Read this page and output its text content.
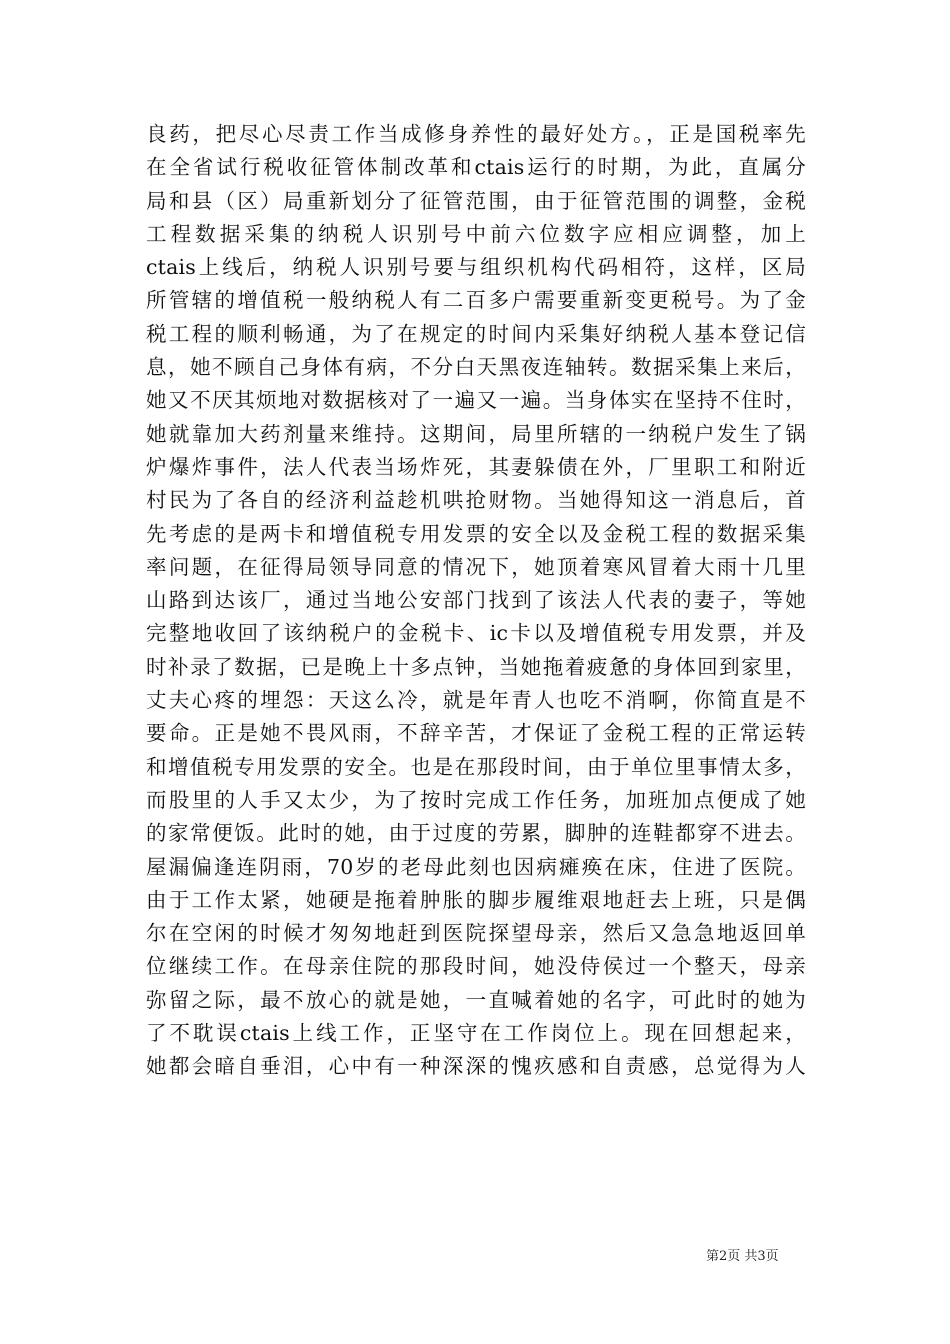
良药，把尽心尽责工作当成修身养性的最好处方。，正是国税率先
在全省试行税收征管体制改革和ctais运行的时期，为此，直属分
局和县（区）局重新划分了征管范围，由于征管范围的调整，金税
工程数据采集的纳税人识别号中前六位数字应相应调整，加上
ctais上线后，纳税人识别号要与组织机构代码相符，这样，区局
所管辖的增值税一般纳税人有二百多户需要重新变更税号。为了金
税工程的顺利畅通，为了在规定的时间内采集好纳税人基本登记信
息，她不顾自己身体有病，不分白天黑夜连轴转。数据采集上来后，
她又不厌其烦地对数据核对了一遍又一遍。当身体实在坚持不住时，
她就靠加大药剂量来维持。这期间，局里所辖的一纳税户发生了锅
炉爆炸事件，法人代表当场炸死，其妻躲债在外，厂里职工和附近
村民为了各自的经济利益趁机哄抢财物。当她得知这一消息后，首
先考虑的是两卡和增值税专用发票的安全以及金税工程的数据采集
率问题，在征得局领导同意的情况下，她顶着寒风冒着大雨十几里
山路到达该厂，通过当地公安部门找到了该法人代表的妻子，等她
完整地收回了该纳税户的金税卡、ic卡以及增值税专用发票，并及
时补录了数据，已是晚上十多点钟，当她拖着疲惫的身体回到家里，
丈夫心疼的埋怨：天这么冷，就是年青人也吃不消啊，你简直是不
要命。正是她不畏风雨，不辞辛苦，才保证了金税工程的正常运转
和增值税专用发票的安全。也是在那段时间，由于单位里事情太多，
而股里的人手又太少，为了按时完成工作任务，加班加点便成了她
的家常便饭。此时的她，由于过度的劳累，脚肿的连鞋都穿不进去。
屋漏偏逢连阴雨，70岁的老母此刻也因病瘫痪在床，住进了医院。
由于工作太紧，她硬是拖着肿胀的脚步履维艰地赶去上班，只是偶
尔在空闲的时候才匆匆地赶到医院探望母亲，然后又急急地返回单
位继续工作。在母亲住院的那段时间，她没侍侯过一个整天，母亲
弥留之际，最不放心的就是她，一直喊着她的名字，可此时的她为
了不耽误ctais上线工作，正坚守在工作岗位上。现在回想起来，
她都会暗自垂泪，心中有一种深深的愧疚感和自责感，总觉得为人
第2页 共3页
